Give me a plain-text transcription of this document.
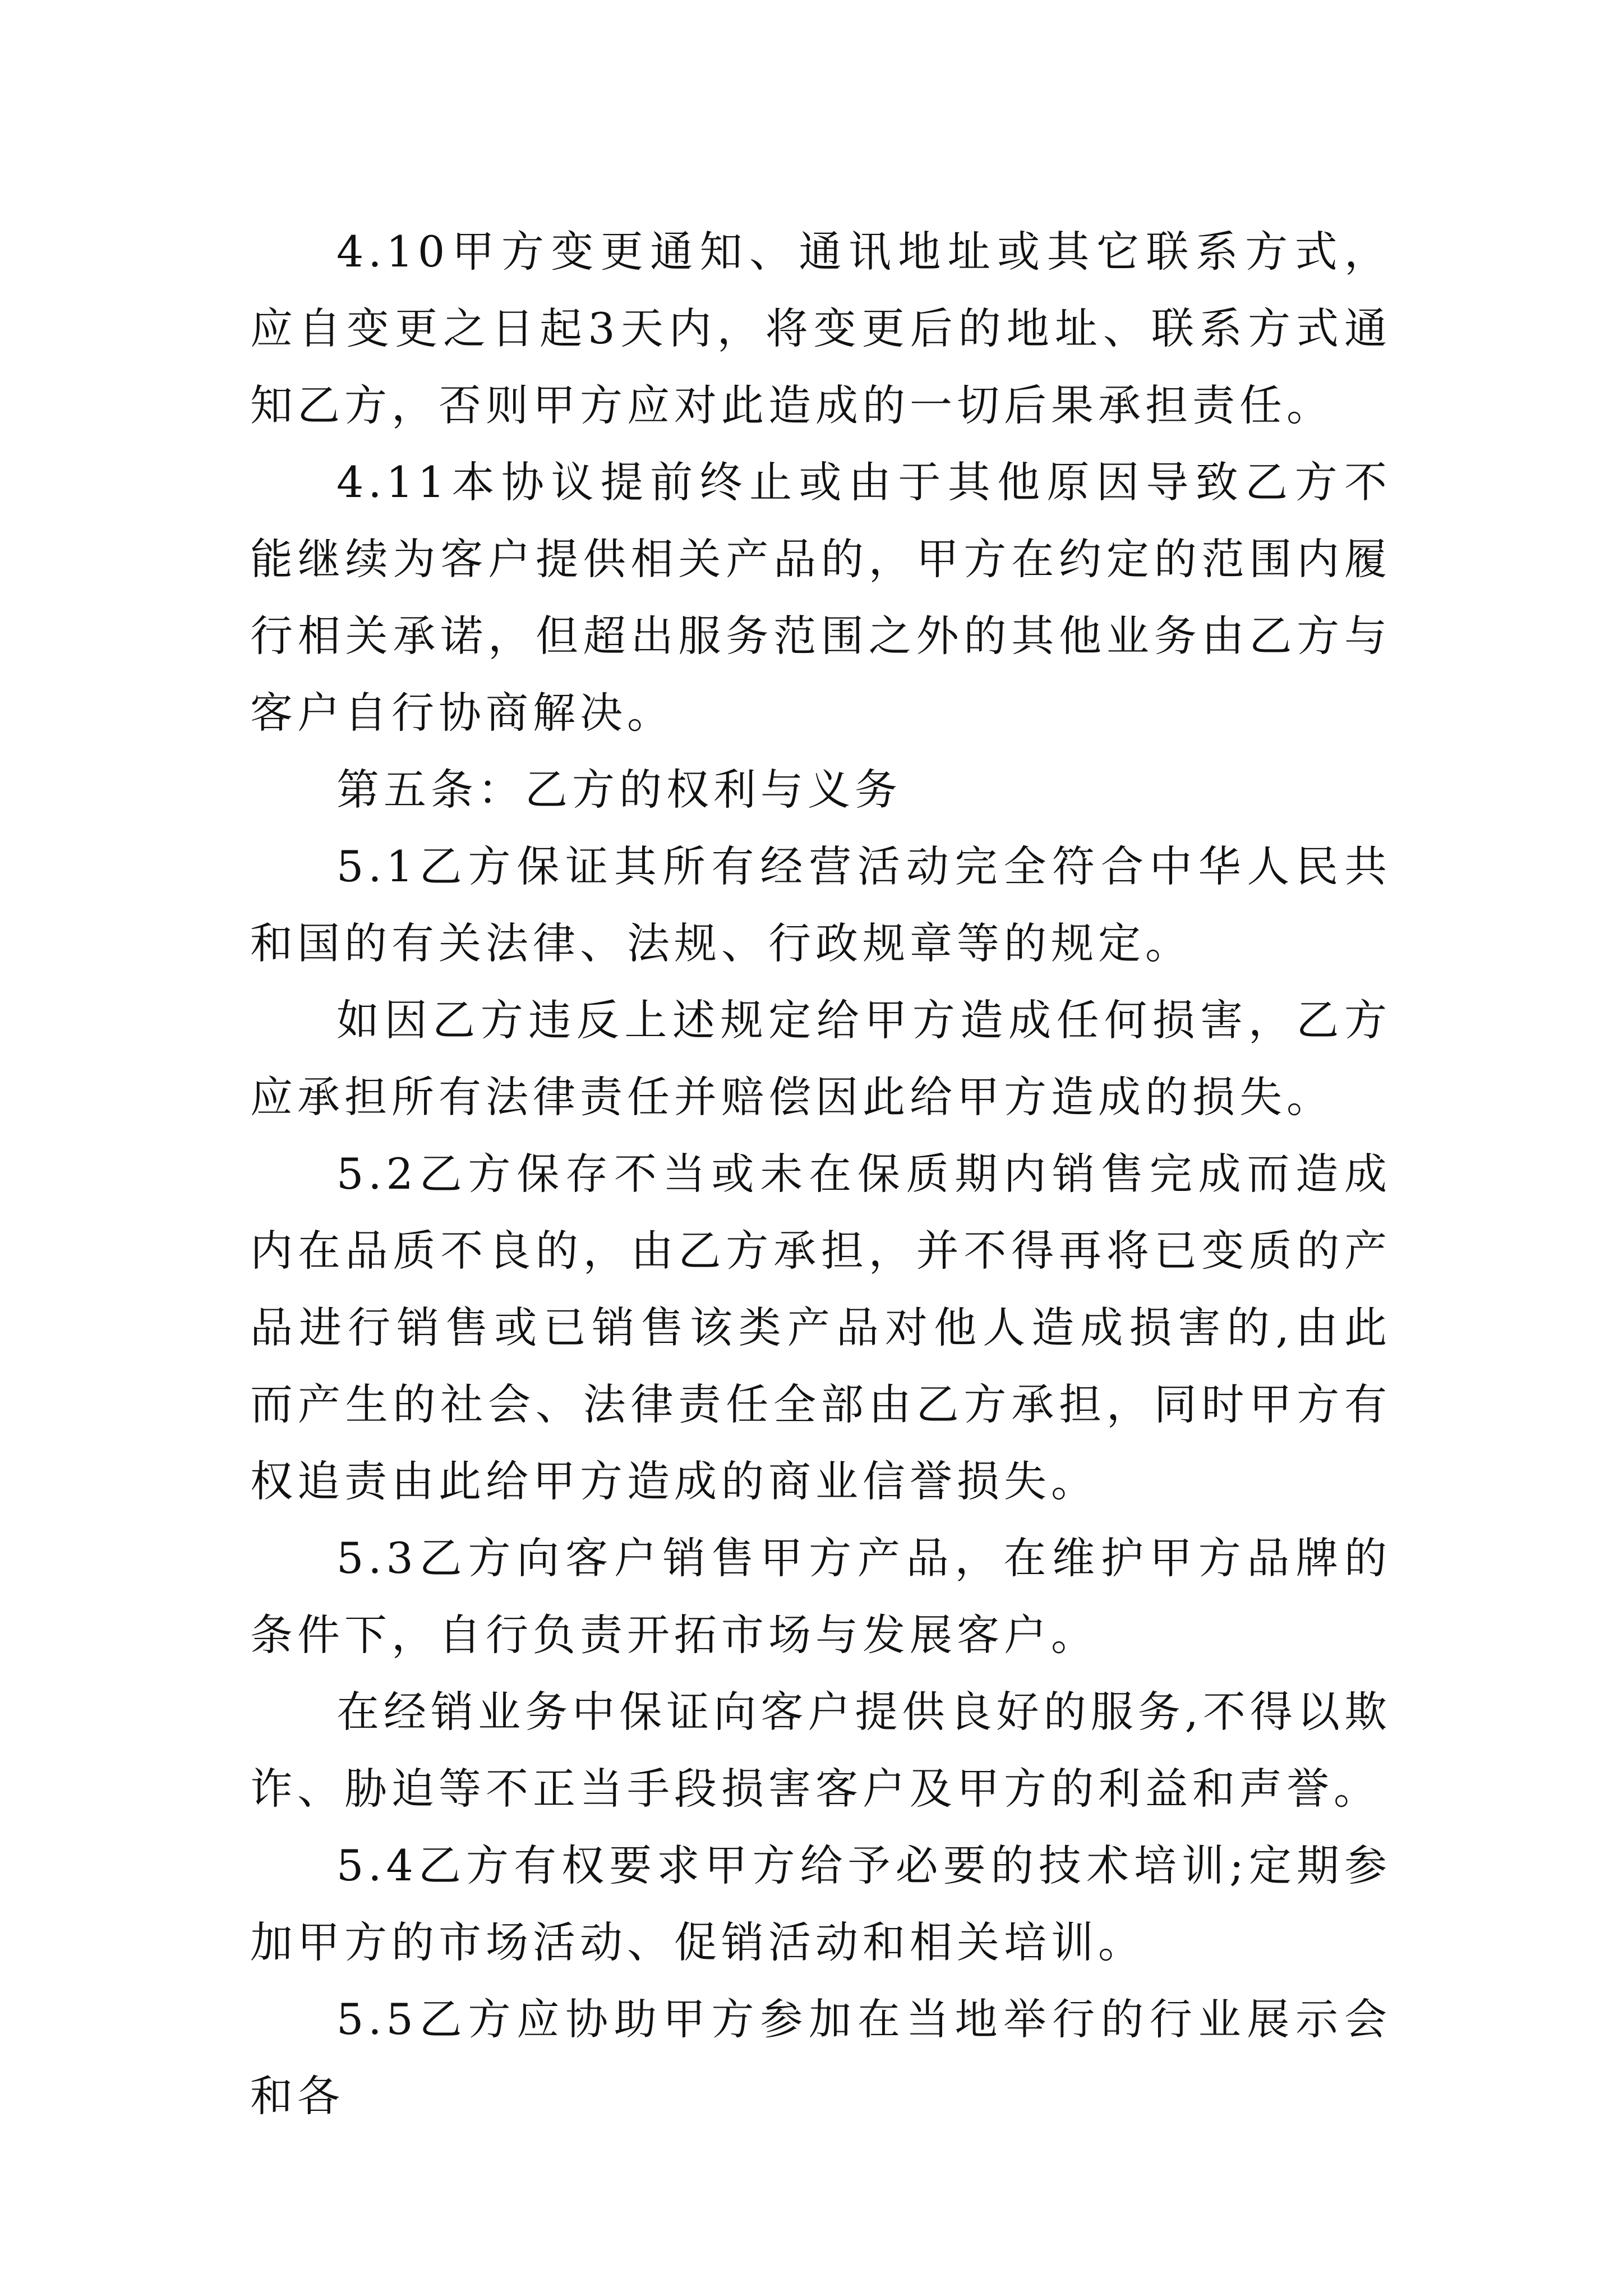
4.10甲方变更通知、通讯地址或其它联系方式，应自变更之日起3天内，将变更后的地址、联系方式通知乙方，否则甲方应对此造成的一切后果承担责任。

4.11本协议提前终止或由于其他原因导致乙方不能继续为客户提供相关产品的，甲方在约定的范围内履行相关承诺，但超出服务范围之外的其他业务由乙方与客户自行协商解决。

第五条：乙方的权利与义务

5.1乙方保证其所有经营活动完全符合中华人民共和国的有关法律、法规、行政规章等的规定。

如因乙方违反上述规定给甲方造成任何损害，乙方应承担所有法律责任并赔偿因此给甲方造成的损失。

5.2乙方保存不当或未在保质期内销售完成而造成内在品质不良的，由乙方承担，并不得再将已变质的产品进行销售或已销售该类产品对他人造成损害的,由此而产生的社会、法律责任全部由乙方承担，同时甲方有权追责由此给甲方造成的商业信誉损失。

5.3乙方向客户销售甲方产品，在维护甲方品牌的条件下，自行负责开拓市场与发展客户。

在经销业务中保证向客户提供良好的服务,不得以欺诈、胁迫等不正当手段损害客户及甲方的利益和声誉。

5.4乙方有权要求甲方给予必要的技术培训;定期参加甲方的市场活动、促销活动和相关培训。

5.5乙方应协助甲方参加在当地举行的行业展示会和各
